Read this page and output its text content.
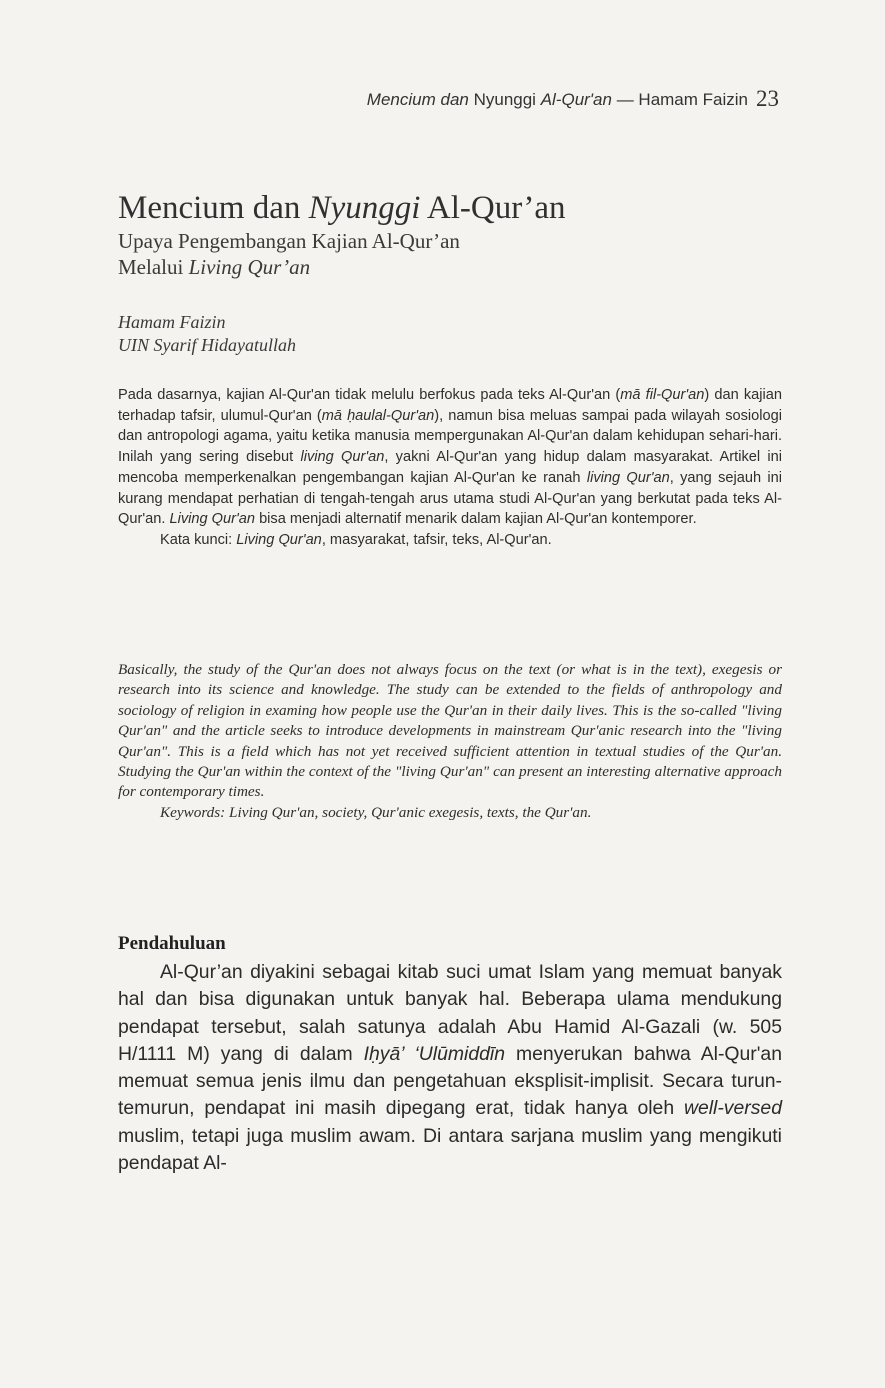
Mencium dan Nyunggi Al-Qur'an — Hamam Faizin 23
Mencium dan Nyunggi Al-Qur’an
Upaya Pengembangan Kajian Al-Qur’an
Melalui Living Qur’an
Hamam Faizin
UIN Syarif Hidayatullah

Pada dasarnya, kajian Al-Qur'an tidak melulu berfokus pada teks Al-Qur'an (mā fil-Qur'an) dan kajian terhadap tafsir, ulumul-Qur'an (mā ḥaulal-Qur'an), namun bisa meluas sampai pada wilayah sosiologi dan antropologi agama, yaitu ketika manusia mempergunakan Al-Qur'an dalam kehidupan sehari-hari. Inilah yang sering disebut living Qur'an, yakni Al-Qur'an yang hidup dalam masyarakat. Artikel ini mencoba memperkenalkan pengembangan kajian Al-Qur'an ke ranah living Qur'an, yang sejauh ini kurang mendapat perhatian di tengah-tengah arus utama studi Al-Qur'an yang berkutat pada teks Al-Qur'an. Living Qur'an bisa menjadi alternatif menarik dalam kajian Al-Qur'an kontemporer.

Kata kunci: Living Qur'an, masyarakat, tafsir, teks, Al-Qur'an.

Basically, the study of the Qur'an does not always focus on the text (or what is in the text), exegesis or research into its science and knowledge. The study can be extended to the fields of anthropology and sociology of religion in examing how people use the Qur'an in their daily lives. This is the so-called "living Qur'an" and the article seeks to introduce developments in mainstream Qur'anic research into the "living Qur'an". This is a field which has not yet received sufficient attention in textual studies of the Qur'an. Studying the Qur'an within the context of the "living Qur'an" can present an interesting alternative approach for contemporary times.

Keywords: Living Qur'an, society, Qur'anic exegesis, texts, the Qur'an.

Pendahuluan

Al-Qur’an diyakini sebagai kitab suci umat Islam yang memuat banyak hal dan bisa digunakan untuk banyak hal. Beberapa ulama mendukung pendapat tersebut, salah satunya adalah Abu Hamid Al-Gazali (w. 505 H/1111 M) yang di dalam Iḥyā’ ‘Ulūmiddīn menyerukan bahwa Al-Qur'an memuat semua jenis ilmu dan pengetahuan eksplisit-implisit. Secara turun-temurun, pendapat ini masih dipegang erat, tidak hanya oleh well-versed muslim, tetapi juga muslim awam. Di antara sarjana muslim yang mengikuti pendapat Al-
